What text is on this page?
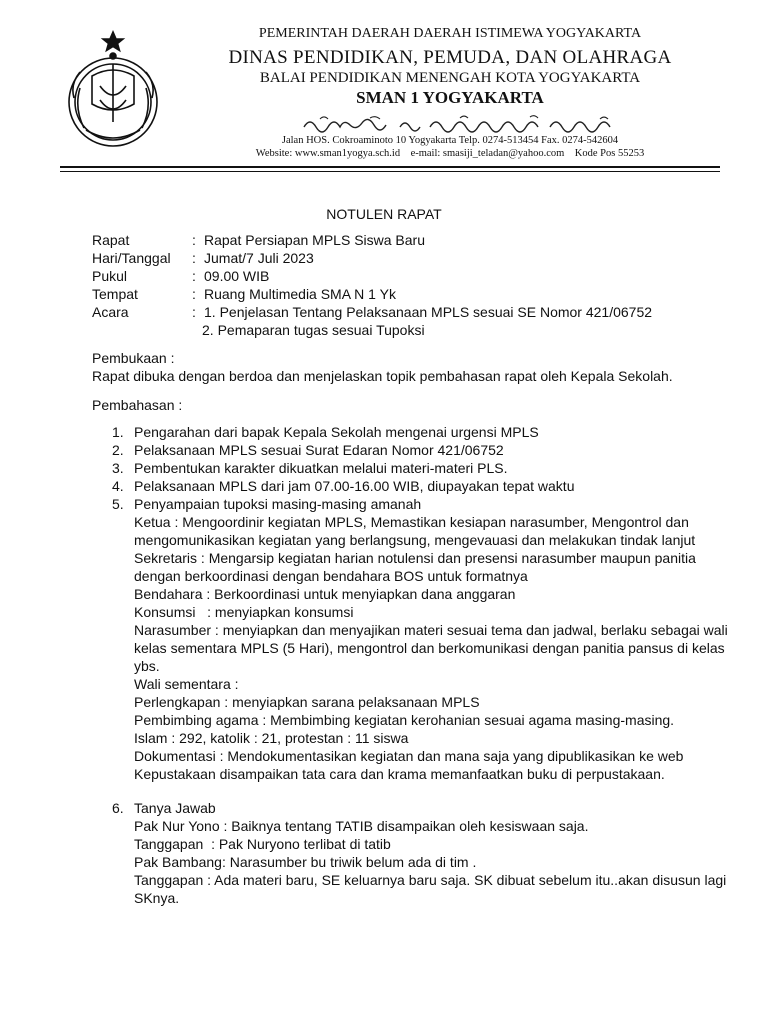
PEMERINTAH DAERAH DAERAH ISTIMEWA YOGYAKARTA
DINAS PENDIDIKAN, PEMUDA, DAN OLAHRAGA
BALAI PENDIDIKAN MENENGAH KOTA YOGYAKARTA
SMAN 1 YOGYAKARTA
Jalan HOS. Cokroaminoto 10 Yogyakarta Telp. 0274-513454 Fax. 0274-542604
Website: www.sman1yogya.sch.id    e-mail: smasiji_teladan@yahoo.com    Kode Pos 55253
NOTULEN RAPAT
Rapat	: Rapat Persiapan MPLS Siswa Baru
Hari/Tanggal : Jumat/7 Juli 2023
Pukul	: 09.00 WIB
Tempat	: Ruang Multimedia SMA N 1 Yk
Acara	: 1. Penjelasan Tentang Pelaksanaan MPLS sesuai SE Nomor 421/06752
2. Pemaparan tugas sesuai Tupoksi
Pembukaan :
Rapat dibuka dengan berdoa dan menjelaskan topik pembahasan rapat oleh Kepala Sekolah.
Pembahasan :
1. Pengarahan dari bapak Kepala Sekolah mengenai urgensi MPLS
2. Pelaksanaan MPLS sesuai Surat Edaran Nomor 421/06752
3. Pembentukan karakter dikuatkan melalui materi-materi PLS.
4. Pelaksanaan MPLS dari jam 07.00-16.00 WIB, diupayakan tepat waktu
5. Penyampaian tupoksi masing-masing amanah
Ketua : Mengoordinir kegiatan MPLS, Memastikan kesiapan narasumber, Mengontrol dan mengomunikasikan kegiatan yang berlangsung, mengevauasi dan melakukan tindak lanjut
Sekretaris : Mengarsip kegiatan harian notulensi dan presensi narasumber maupun panitia dengan berkoordinasi dengan bendahara BOS untuk formatnya
Bendahara : Berkoordinasi untuk menyiapkan dana anggaran
Konsumsi   : menyiapkan konsumsi
Narasumber : menyiapkan dan menyajikan materi sesuai tema dan jadwal, berlaku sebagai wali kelas sementara MPLS (5 Hari), mengontrol dan berkomunikasi dengan panitia pansus di kelas ybs.
Wali sementara :
Perlengkapan : menyiapkan sarana pelaksanaan MPLS
Pembimbing agama : Membimbing kegiatan kerohanian sesuai agama masing-masing.
Islam : 292, katolik : 21, protestan : 11 siswa
Dokumentasi : Mendokumentasikan kegiatan dan mana saja yang dipublikasikan ke web
Kepustakaan disampaikan tata cara dan krama memanfaatkan buku di perpustakaan.
6. Tanya Jawab
Pak Nur Yono : Baiknya tentang TATIB disampaikan oleh kesiswaan saja.
Tanggapan  : Pak Nuryono terlibat di tatib
Pak Bambang: Narasumber bu triwik belum ada di tim .
Tanggapan : Ada materi baru, SE keluarnya baru saja. SK dibuat sebelum itu..akan disusun lagi SKnya.
